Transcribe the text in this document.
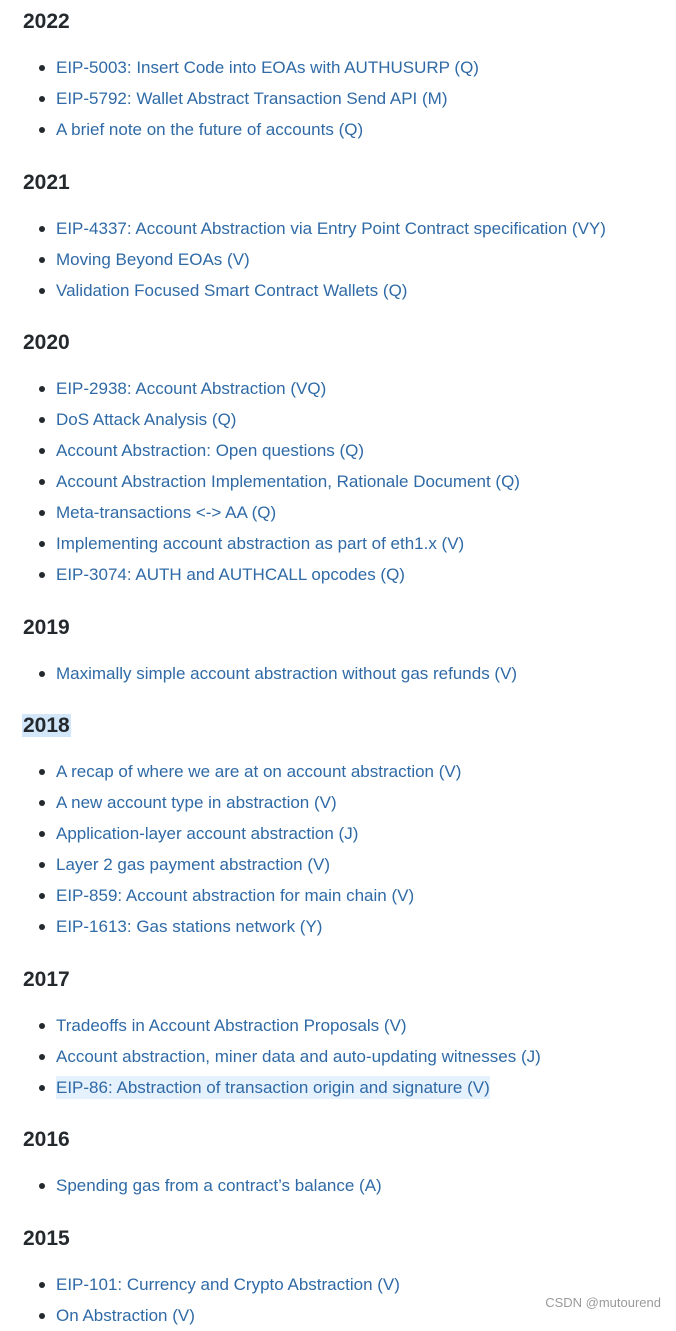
2022
EIP-5003: Insert Code into EOAs with AUTHUSURP (Q)
EIP-5792: Wallet Abstract Transaction Send API (M)
A brief note on the future of accounts (Q)
2021
EIP-4337: Account Abstraction via Entry Point Contract specification (VY)
Moving Beyond EOAs (V)
Validation Focused Smart Contract Wallets (Q)
2020
EIP-2938: Account Abstraction (VQ)
DoS Attack Analysis (Q)
Account Abstraction: Open questions (Q)
Account Abstraction Implementation, Rationale Document (Q)
Meta-transactions <-> AA (Q)
Implementing account abstraction as part of eth1.x (V)
EIP-3074: AUTH and AUTHCALL opcodes (Q)
2019
Maximally simple account abstraction without gas refunds (V)
2018
A recap of where we are at on account abstraction (V)
A new account type in abstraction (V)
Application-layer account abstraction (J)
Layer 2 gas payment abstraction (V)
EIP-859: Account abstraction for main chain (V)
EIP-1613: Gas stations network (Y)
2017
Tradeoffs in Account Abstraction Proposals (V)
Account abstraction, miner data and auto-updating witnesses (J)
EIP-86: Abstraction of transaction origin and signature (V)
2016
Spending gas from a contract’s balance (A)
2015
EIP-101: Currency and Crypto Abstraction (V)
On Abstraction (V)
CSDN @mutourend
